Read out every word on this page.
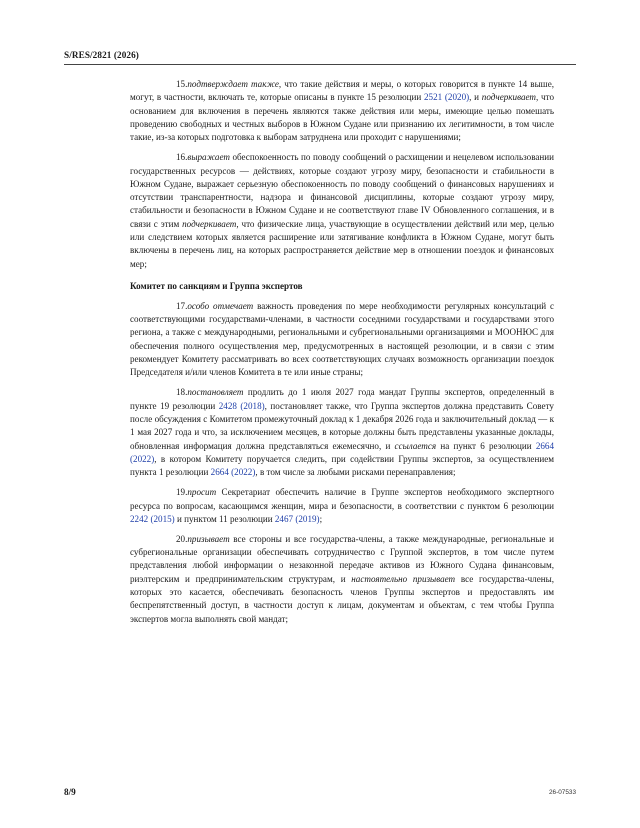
S/RES/2821 (2026)

15.подтверждает также, что такие действия и меры, о которых говорится в пункте 14 выше, могут, в частности, включать те, которые описаны в пункте 15 резолюции 2521 (2020), и подчеркивает, что основанием для включения в перечень являются также действия или меры, имеющие целью помешать проведению свободных и честных выборов в Южном Судане или признанию их легитимности, в том числе такие, из-за которых подготовка к выборам затруднена или проходит с нарушениями;

16.выражает обеспокоенность по поводу сообщений о расхищении и нецелевом использовании государственных ресурсов — действиях, которые создают угрозу миру, безопасности и стабильности в Южном Судане, выражает серьезную обеспокоенность по поводу сообщений о финансовых нарушениях и отсутствии транспарентности, надзора и финансовой дисциплины, которые создают угрозу миру, стабильности и безопасности в Южном Судане и не соответствуют главе IV Обновленного соглашения, и в связи с этим подчеркивает, что физические лица, участвующие в осуществлении действий или мер, целью или следствием которых является расширение или затягивание конфликта в Южном Судане, могут быть включены в перечень лиц, на которых распространяется действие мер в отношении поездок и финансовых мер;

Комитет по санкциям и Группа экспертов

17.особо отмечает важность проведения по мере необходимости регулярных консультаций с соответствующими государствами-членами, в частности соседними государствами и государствами этого региона, а также с международными, региональными и субрегиональными организациями и МООНЮС для обеспечения полного осуществления мер, предусмотренных в настоящей резолюции, и в связи с этим рекомендует Комитету рассматривать во всех соответствующих случаях возможность организации поездок Председателя и/или членов Комитета в те или иные страны;

18.постановляет продлить до 1 июля 2027 года мандат Группы экспертов, определенный в пункте 19 резолюции 2428 (2018), постановляет также, что Группа экспертов должна представить Совету после обсуждения с Комитетом промежуточный доклад к 1 декабря 2026 года и заключительный доклад — к 1 мая 2027 года и что, за исключением месяцев, в которые должны быть представлены указанные доклады, обновленная информация должна представляться ежемесячно, и ссылается на пункт 6 резолюции 2664 (2022), в котором Комитету поручается следить, при содействии Группы экспертов, за осуществлением пункта 1 резолюции 2664 (2022), в том числе за любыми рисками перенаправления;

19.просит Секретариат обеспечить наличие в Группе экспертов необходимого экспертного ресурса по вопросам, касающимся женщин, мира и безопасности, в соответствии с пунктом 6 резолюции 2242 (2015) и пунктом 11 резолюции 2467 (2019);

20.призывает все стороны и все государства-члены, а также международные, региональные и субрегиональные организации обеспечивать сотрудничество с Группой экспертов, в том числе путем представления любой информации о незаконной передаче активов из Южного Судана финансовым, риэлтерским и предпринимательским структурам, и настоятельно призывает все государства-члены, которых это касается, обеспечивать безопасность членов Группы экспертов и предоставлять им беспрепятственный доступ, в частности доступ к лицам, документам и объектам, с тем чтобы Группа экспертов могла выполнять свой мандат;

8/9	26-07533
